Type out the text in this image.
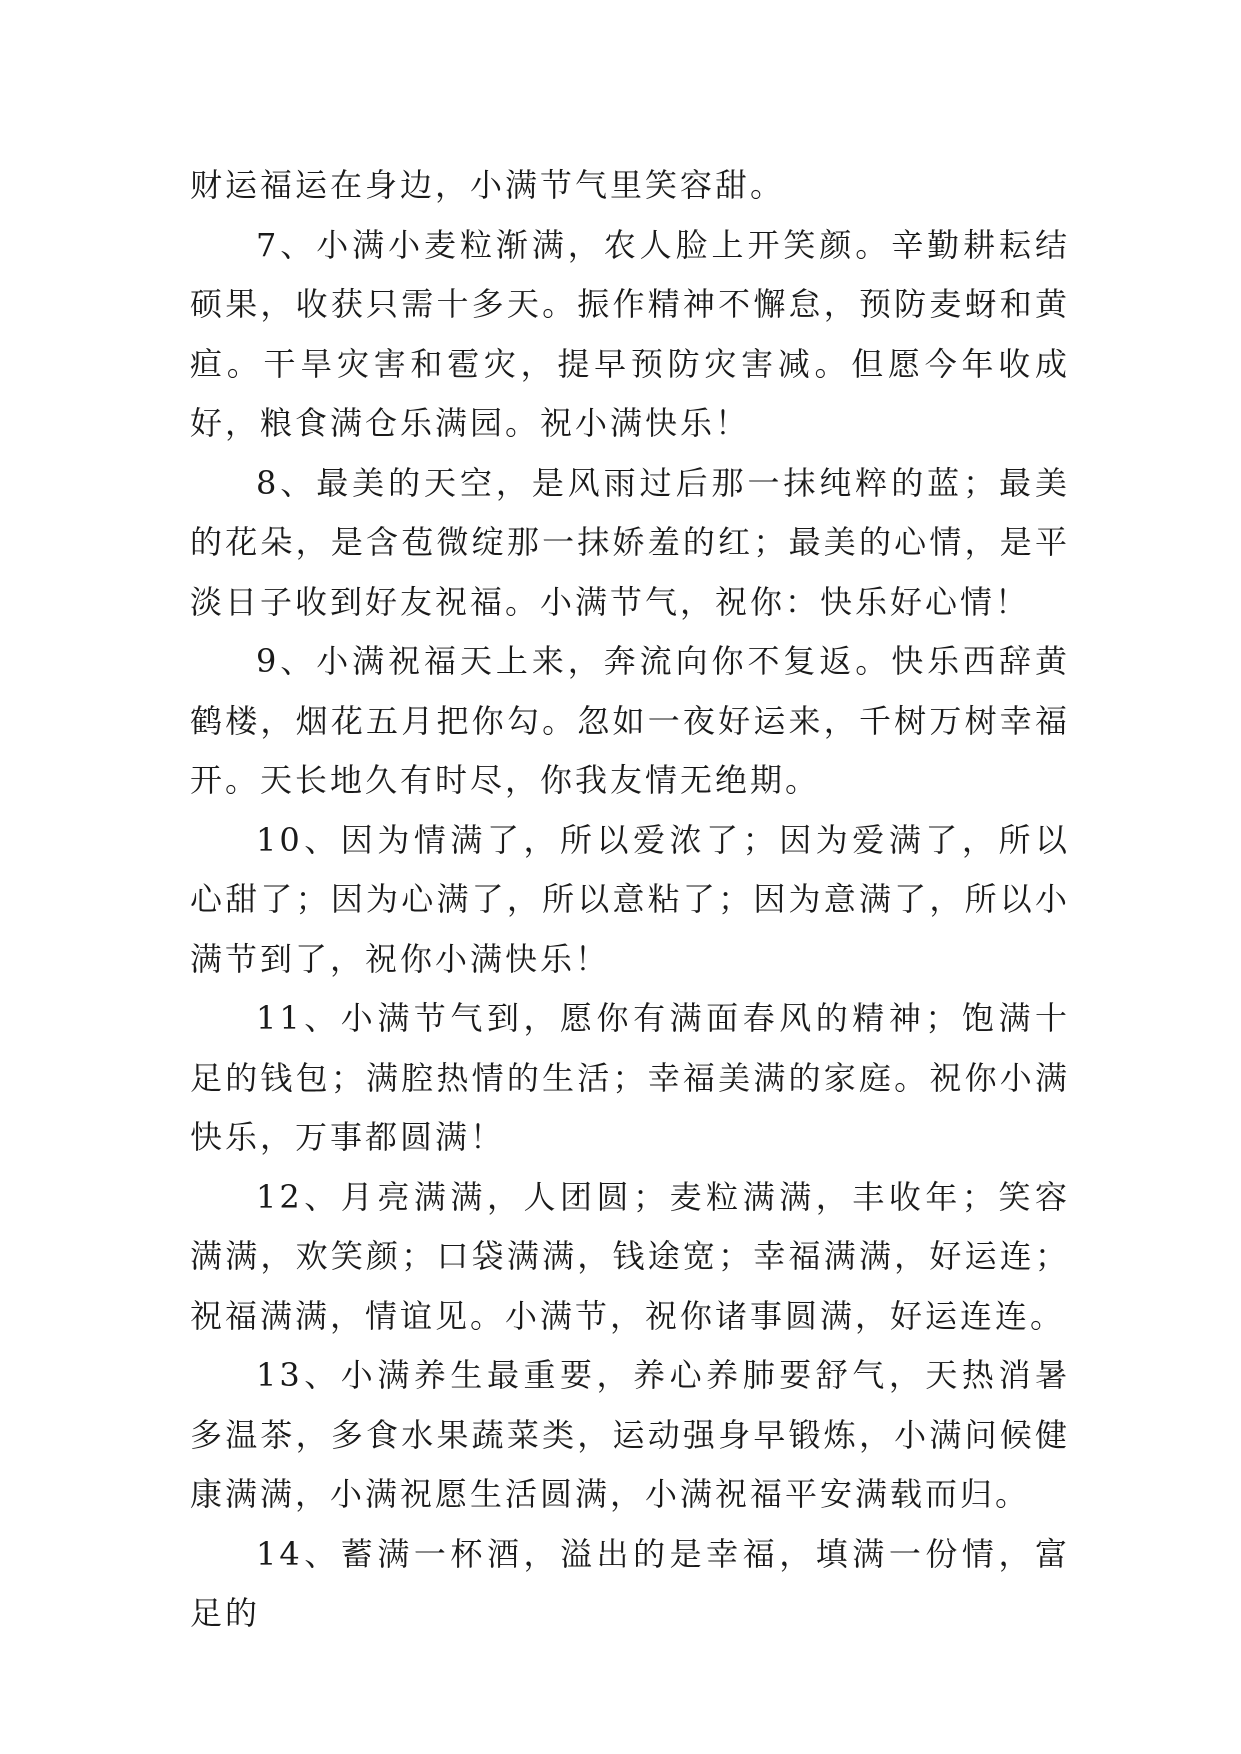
财运福运在身边，小满节气里笑容甜。

7、小满小麦粒渐满，农人脸上开笑颜。辛勤耕耘结硕果，收获只需十多天。振作精神不懈怠，预防麦蚜和黄疸。干旱灾害和雹灾，提早预防灾害减。但愿今年收成好，粮食满仓乐满园。祝小满快乐！

8、最美的天空，是风雨过后那一抹纯粹的蓝；最美的花朵，是含苞微绽那一抹娇羞的红；最美的心情，是平淡日子收到好友祝福。小满节气，祝你：快乐好心情！

9、小满祝福天上来，奔流向你不复返。快乐西辞黄鹤楼，烟花五月把你勾。忽如一夜好运来，千树万树幸福开。天长地久有时尽，你我友情无绝期。

10、因为情满了，所以爱浓了；因为爱满了，所以心甜了；因为心满了，所以意粘了；因为意满了，所以小满节到了，祝你小满快乐！

11、小满节气到，愿你有满面春风的精神；饱满十足的钱包；满腔热情的生活；幸福美满的家庭。祝你小满快乐，万事都圆满！

12、月亮满满，人团圆；麦粒满满，丰收年；笑容满满，欢笑颜；口袋满满，钱途宽；幸福满满，好运连；祝福满满，情谊见。小满节，祝你诸事圆满，好运连连。

13、小满养生最重要，养心养肺要舒气，天热消暑多温茶，多食水果蔬菜类，运动强身早锻炼，小满问候健康满满，小满祝愿生活圆满，小满祝福平安满载而归。

14、蓄满一杯酒，溢出的是幸福，填满一份情，富足的
